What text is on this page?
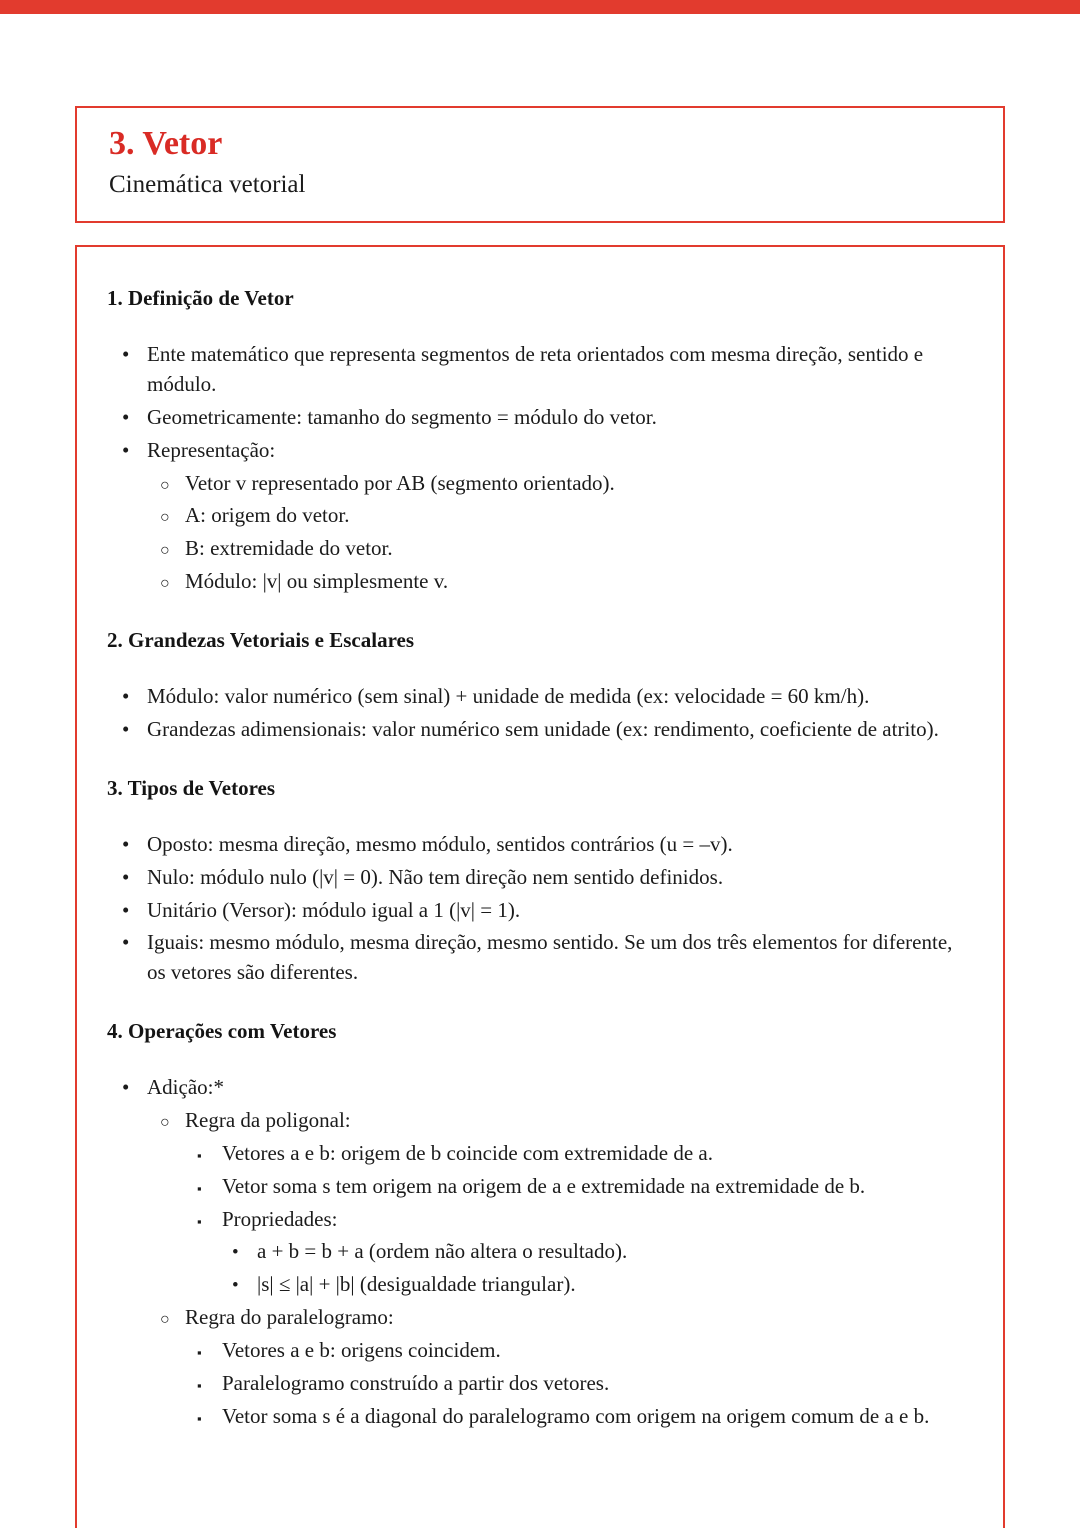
3. Vetor
Cinemática vetorial
1. Definição de Vetor
• Ente matemático que representa segmentos de reta orientados com mesma direção, sentido e módulo.
• Geometricamente: tamanho do segmento = módulo do vetor.
• Representação:
○ Vetor v representado por AB (segmento orientado).
○ A: origem do vetor.
○ B: extremidade do vetor.
○ Módulo: |v| ou simplesmente v.
2. Grandezas Vetoriais e Escalares
• Módulo: valor numérico (sem sinal) + unidade de medida (ex: velocidade = 60 km/h).
• Grandezas adimensionais: valor numérico sem unidade (ex: rendimento, coeficiente de atrito).
3. Tipos de Vetores
• Oposto: mesma direção, mesmo módulo, sentidos contrários (u = –v).
• Nulo: módulo nulo (|v| = 0). Não tem direção nem sentido definidos.
• Unitário (Versor): módulo igual a 1 (|v| = 1).
• Iguais: mesmo módulo, mesma direção, mesmo sentido. Se um dos três elementos for diferente, os vetores são diferentes.
4. Operações com Vetores
• Adição:*
○ Regra da poligonal:
▪ Vetores a e b: origem de b coincide com extremidade de a.
▪ Vetor soma s tem origem na origem de a e extremidade na extremidade de b.
▪ Propriedades:
• a + b = b + a (ordem não altera o resultado).
• |s| ≤ |a| + |b| (desigualdade triangular).
○ Regra do paralelogramo:
▪ Vetores a e b: origens coincidem.
▪ Paralelogramo construído a partir dos vetores.
▪ Vetor soma s é a diagonal do paralelogramo com origem na origem comum de a e b.
